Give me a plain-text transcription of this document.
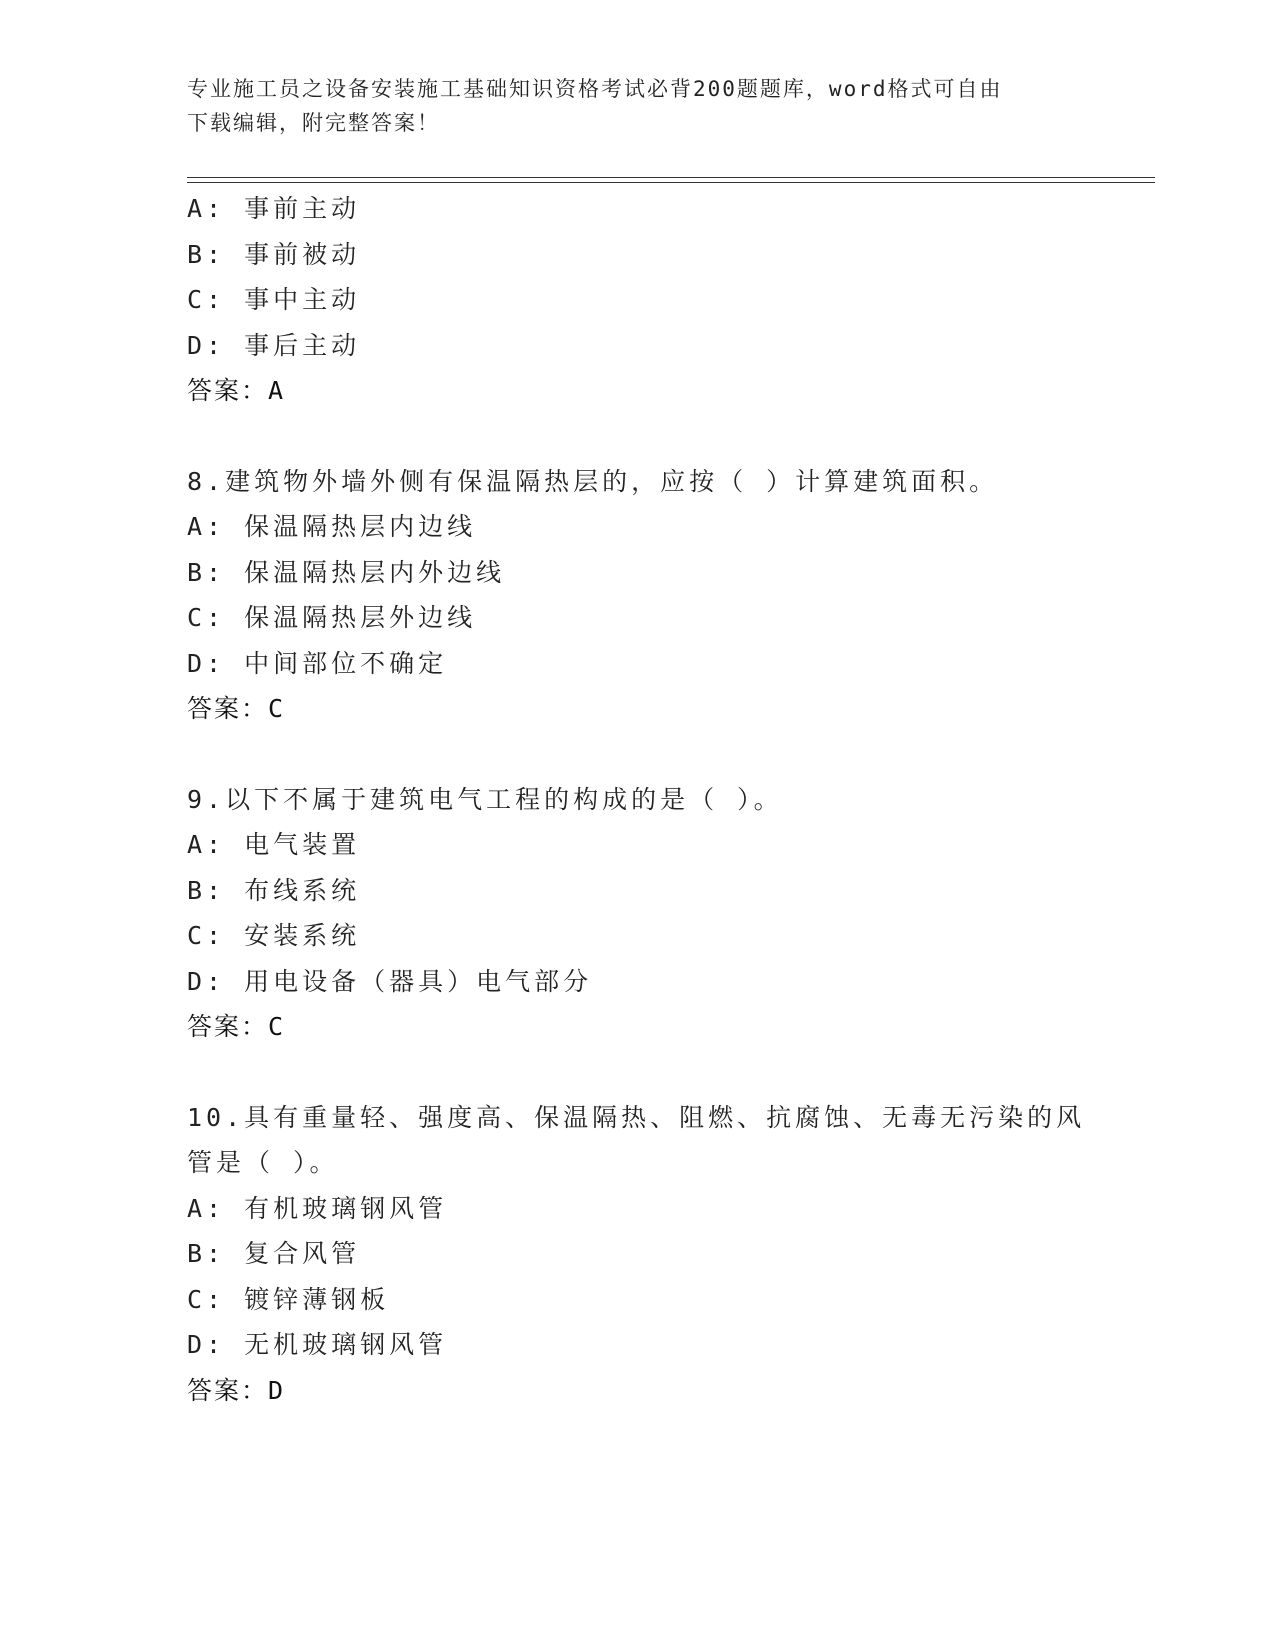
专业施工员之设备安装施工基础知识资格考试必背200题题库，word格式可自由
下载编辑，附完整答案！
A: 事前主动
B: 事前被动
C: 事中主动
D: 事后主动
答案：A
8.建筑物外墙外侧有保温隔热层的，应按（ ）计算建筑面积。
A: 保温隔热层内边线
B: 保温隔热层内外边线
C: 保温隔热层外边线
D: 中间部位不确定
答案：C
9.以下不属于建筑电气工程的构成的是（ ）。
A: 电气装置
B: 布线系统
C: 安装系统
D: 用电设备（器具）电气部分
答案：C
10.具有重量轻、强度高、保温隔热、阻燃、抗腐蚀、无毒无污染的风
管是（ ）。
A: 有机玻璃钢风管
B: 复合风管
C: 镀锌薄钢板
D: 无机玻璃钢风管
答案：D
